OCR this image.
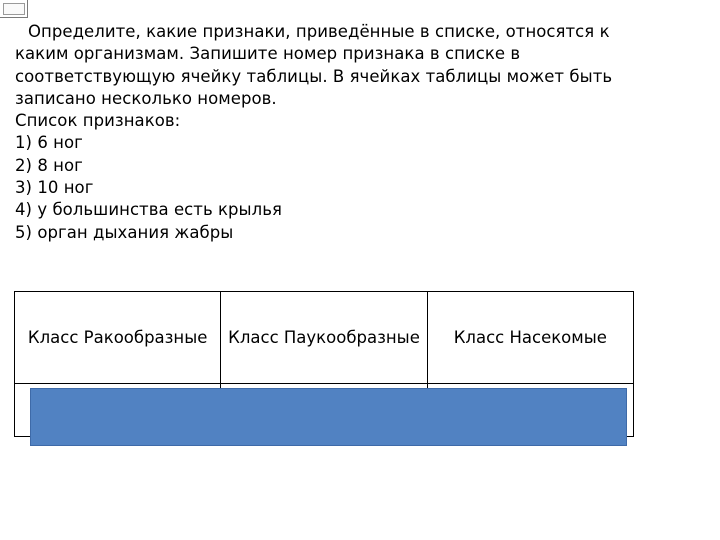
Определите, какие признаки, приведённые в списке, относятся к каким организмам. Запишите номер признака в списке в соответствующую ячейку таблицы. В ячейках таблицы может быть записано несколько номеров.

Список признаков:

1) 6 ног

2) 8 ног

3) 10 ног

4) у большинства есть крылья

5) орган дыхания жабры

Класс Ракообразные	Класс Паукообразные	Класс Насекомые
